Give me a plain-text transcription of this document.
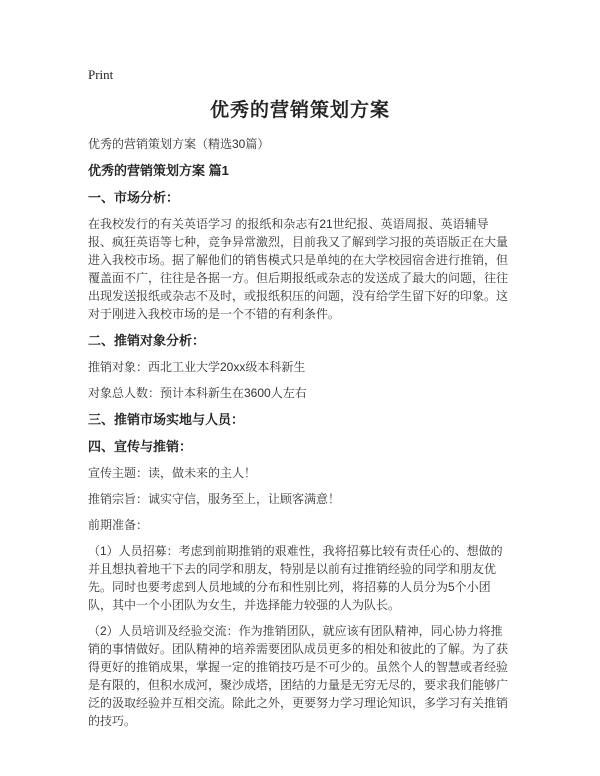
Print
优秀的营销策划方案

优秀的营销策划方案（精选30篇）

优秀的营销策划方案 篇1
一、市场分析：

在我校发行的有关英语学习 的报纸和杂志有21世纪报、英语周报、英语辅导报、疯狂英语等七种，竞争异常激烈，目前我又了解到学习报的英语版正在大量进入我校市场。据了解他们的销售模式只是单纯的在大学校园宿舍进行推销，但覆盖面不广，往往是各据一方。但后期报纸或杂志的发送成了最大的问题，往往出现发送报纸或杂志不及时，或报纸积压的问题，没有给学生留下好的印象。这对于刚进入我校市场的是一个不错的有利条件。

二、推销对象分析：

推销对象：西北工业大学20xx级本科新生

对象总人数：预计本科新生在3600人左右

三、推销市场实地与人员：
四、宣传与推销：

宣传主题：读，做未来的主人！

推销宗旨：诚实守信，服务至上，让顾客满意！

前期准备：

（1）人员招募：考虑到前期推销的艰难性，我将招募比较有责任心的、想做的并且想执着地干下去的同学和朋友，特别是以前有过推销经验的同学和朋友优先。同时也要考虑到人员地域的分布和性别比列，将招募的人员分为5个小团队，其中一个小团队为女生，并选择能力较强的人为队长。

（2）人员培训及经验交流：作为推销团队，就应该有团队精神，同心协力将推销的事情做好。团队精神的培养需要团队成员更多的相处和彼此的了解。为了获得更好的推销成果，掌握一定的推销技巧是不可少的。虽然个人的智慧或者经验是有限的，但积水成河，聚沙成塔，团结的力量是无穷无尽的，要求我们能够广泛的汲取经验并互相交流。除此之外，更要努力学习理论知识，多学习有关推销的技巧。
